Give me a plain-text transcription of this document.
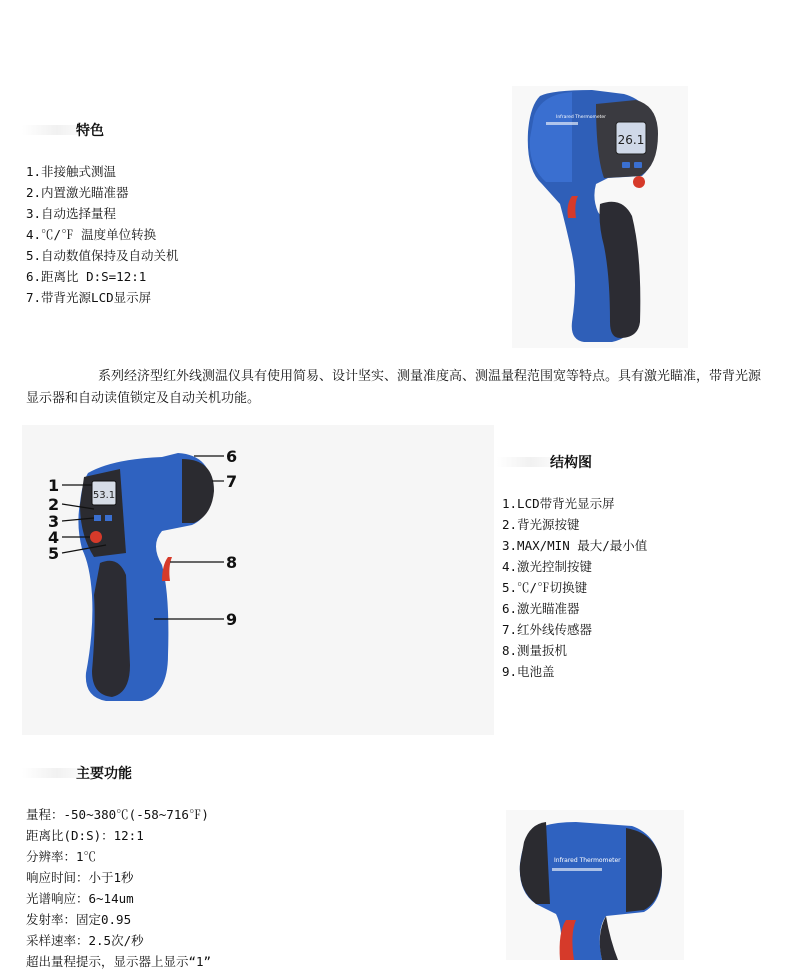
特色
1.非接触式测温
2.内置激光瞄准器
3.自动选择量程
4.℃/℉ 温度单位转换
5.自动数值保持及自动关机
6.距离比 D:S=12:1
7.带背光源LCD显示屏
26.1
Infrared Thermometer
系列经济型红外线测温仪具有使用简易、设计坚实、测量准度高、测温量程范围宽等特点。具有激光瞄准，带背光源显示器和自动读值锁定及自动关机功能。
53.1
1
2
3
4
5
6
7
8
9
结构图
1.LCD带背光显示屏
2.背光源按键
3.MAX/MIN 最大/最小值
4.激光控制按键
5.℃/℉切换键
6.激光瞄准器
7.红外线传感器
8.测量扳机
9.电池盖
主要功能
量程：-50~380℃(-58~716℉)
距离比(D:S)：12:1
分辨率：1℃
响应时间：小于1秒
光谱响应：6~14um
发射率：固定0.95
采样速率：2.5次/秒
超出量程提示，显示器上显示“1”
Infrared Thermometer
